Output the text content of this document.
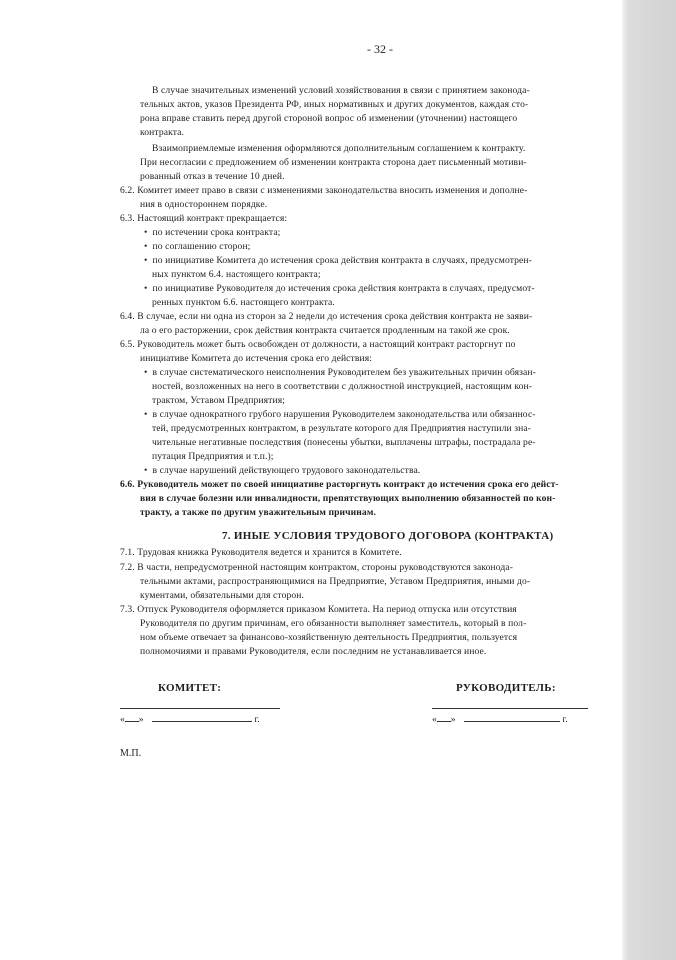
- 32 -
В случае значительных изменений условий хозяйствования в связи с принятием законода-
тельных актов, указов Президента РФ, иных нормативных и других документов, каждая сто-
рона вправе ставить перед другой стороной вопрос об изменении (уточнении) настоящего
контракта.
Взаимоприемлемые изменения оформляются дополнительным соглашением к контракту.
При несогласии с предложением об изменении контракта сторона дает письменный мотиви-
рованный отказ в течение 10 дней.
6.2. Комитет имеет право в связи с изменениями законодательства вносить изменения и дополне-
ния в одностороннем порядке.
6.3. Настоящий контракт прекращается:
• по истечении срока контракта;
• по соглашению сторон;
• по инициативе Комитета до истечения срока действия контракта в случаях, предусмотрен-
ных пунктом 6.4. настоящего контракта;
• по инициативе Руководителя до истечения срока действия контракта в случаях, предусмот-
ренных пунктом 6.6. настоящего контракта.
6.4. В случае, если ни одна из сторон за 2 недели до истечения срока действия контракта не заяви-
ла о его расторжении, срок действия контракта считается продленным на такой же срок.
6.5. Руководитель может быть освобожден от должности, а настоящий контракт расторгнут по
инициативе Комитета до истечения срока его действия:
• в случае систематического неисполнения Руководителем без уважительных причин обязан-
ностей, возложенных на него в соответствии с должностной инструкцией, настоящим кон-
трактом, Уставом Предприятия;
• в случае однократного грубого нарушения Руководителем законодательства или обязаннос-
тей, предусмотренных контрактом, в результате которого для Предприятия наступили зна-
чительные негативные последствия (понесены убытки, выплачены штрафы, пострадала ре-
путация Предприятия и т.п.);
• в случае нарушений действующего трудового законодательства.
6.6. Руководитель может по своей инициативе расторгнуть контракт до истечения срока его дейст-
вия в случае болезни или инвалидности, препятствующих выполнению обязанностей по кон-
тракту, а также по другим уважительным причинам.
7. ИНЫЕ УСЛОВИЯ ТРУДОВОГО ДОГОВОРА (КОНТРАКТА)
7.1. Трудовая книжка Руководителя ведется и хранится в Комитете.
7.2. В части, непредусмотренной настоящим контрактом, стороны руководствуются законода-
тельными актами, распространяющимися на Предприятие, Уставом Предприятия, иными до-
кументами, обязательными для сторон.
7.3. Отпуск Руководителя оформляется приказом Комитета. На период отпуска или отсутствия
Руководителя по другим причинам, его обязанности выполняет заместитель, который в пол-
ном объеме отвечает за финансово-хозяйственную деятельность Предприятия, пользуется
полномочиями и правами Руководителя, если последним не устанавливается иное.
КОМИТЕТ:	РУКОВОДИТЕЛЬ:
« »	г.	« »	г.
М.П.
